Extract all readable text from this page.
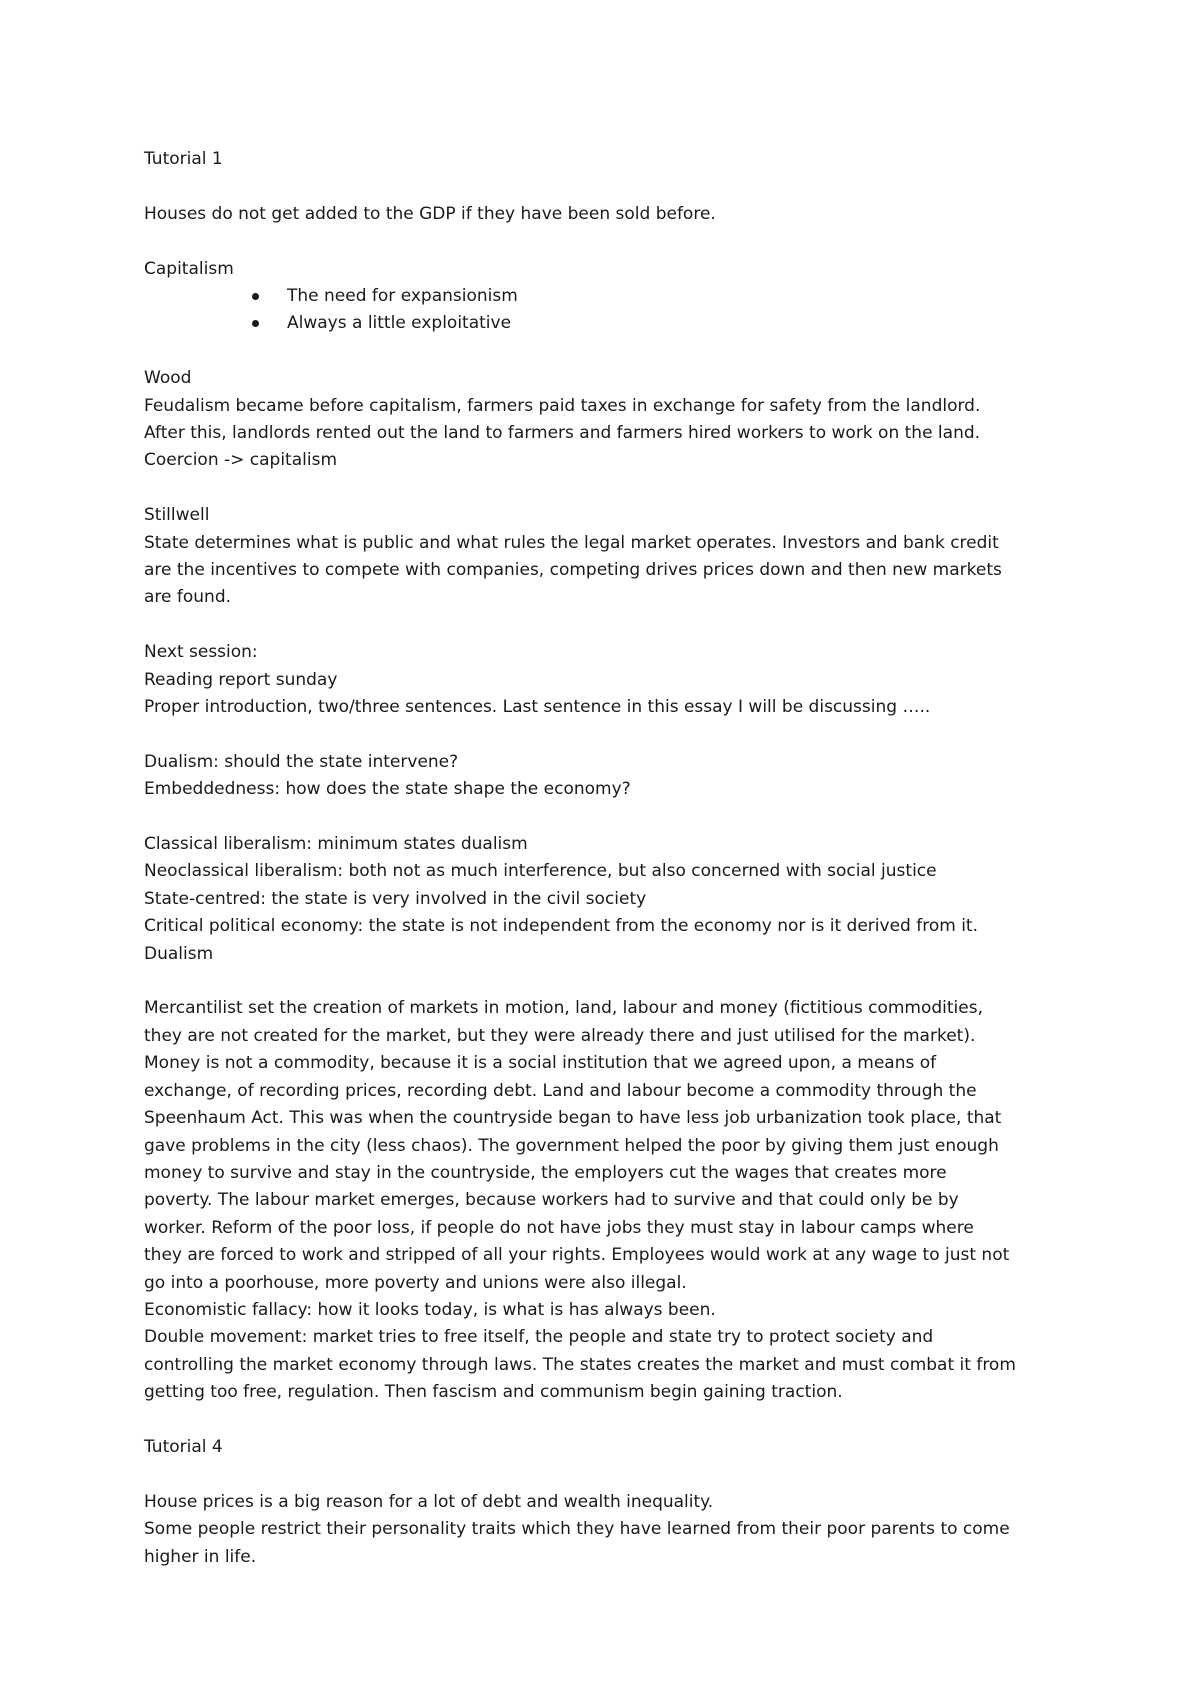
Tutorial 1
Houses do not get added to the GDP if they have been sold before.
Capitalism
The need for expansionism
Always a little exploitative
Wood
Feudalism became before capitalism, farmers paid taxes in exchange for safety from the landlord.
After this, landlords rented out the land to farmers and farmers hired workers to work on the land.
Coercion -> capitalism
Stillwell
State determines what is public and what rules the legal market operates. Investors and bank credit
are the incentives to compete with companies, competing drives prices down and then new markets
are found.
Next session:
Reading report sunday
Proper introduction, two/three sentences. Last sentence in this essay I will be discussing …..
Dualism: should the state intervene?
Embeddedness: how does the state shape the economy?
Classical liberalism: minimum states dualism
Neoclassical liberalism: both not as much interference, but also concerned with social justice
State-centred: the state is very involved in the civil society
Critical political economy: the state is not independent from the economy nor is it derived from it.
Dualism
Mercantilist set the creation of markets in motion, land, labour and money (fictitious commodities,
they are not created for the market, but they were already there and just utilised for the market).
Money is not a commodity, because it is a social institution that we agreed upon, a means of
exchange, of recording prices, recording debt. Land and labour become a commodity through the
Speenhaum Act. This was when the countryside began to have less job urbanization took place, that
gave problems in the city (less chaos). The government helped the poor by giving them just enough
money to survive and stay in the countryside, the employers cut the wages that creates more
poverty. The labour market emerges, because workers had to survive and that could only be by
worker. Reform of the poor loss, if people do not have jobs they must stay in labour camps where
they are forced to work and stripped of all your rights. Employees would work at any wage to just not
go into a poorhouse, more poverty and unions were also illegal.
Economistic fallacy: how it looks today, is what is has always been.
Double movement: market tries to free itself, the people and state try to protect society and
controlling the market economy through laws. The states creates the market and must combat it from
getting too free, regulation. Then fascism and communism begin gaining traction.
Tutorial 4
House prices is a big reason for a lot of debt and wealth inequality.
Some people restrict their personality traits which they have learned from their poor parents to come
higher in life.
